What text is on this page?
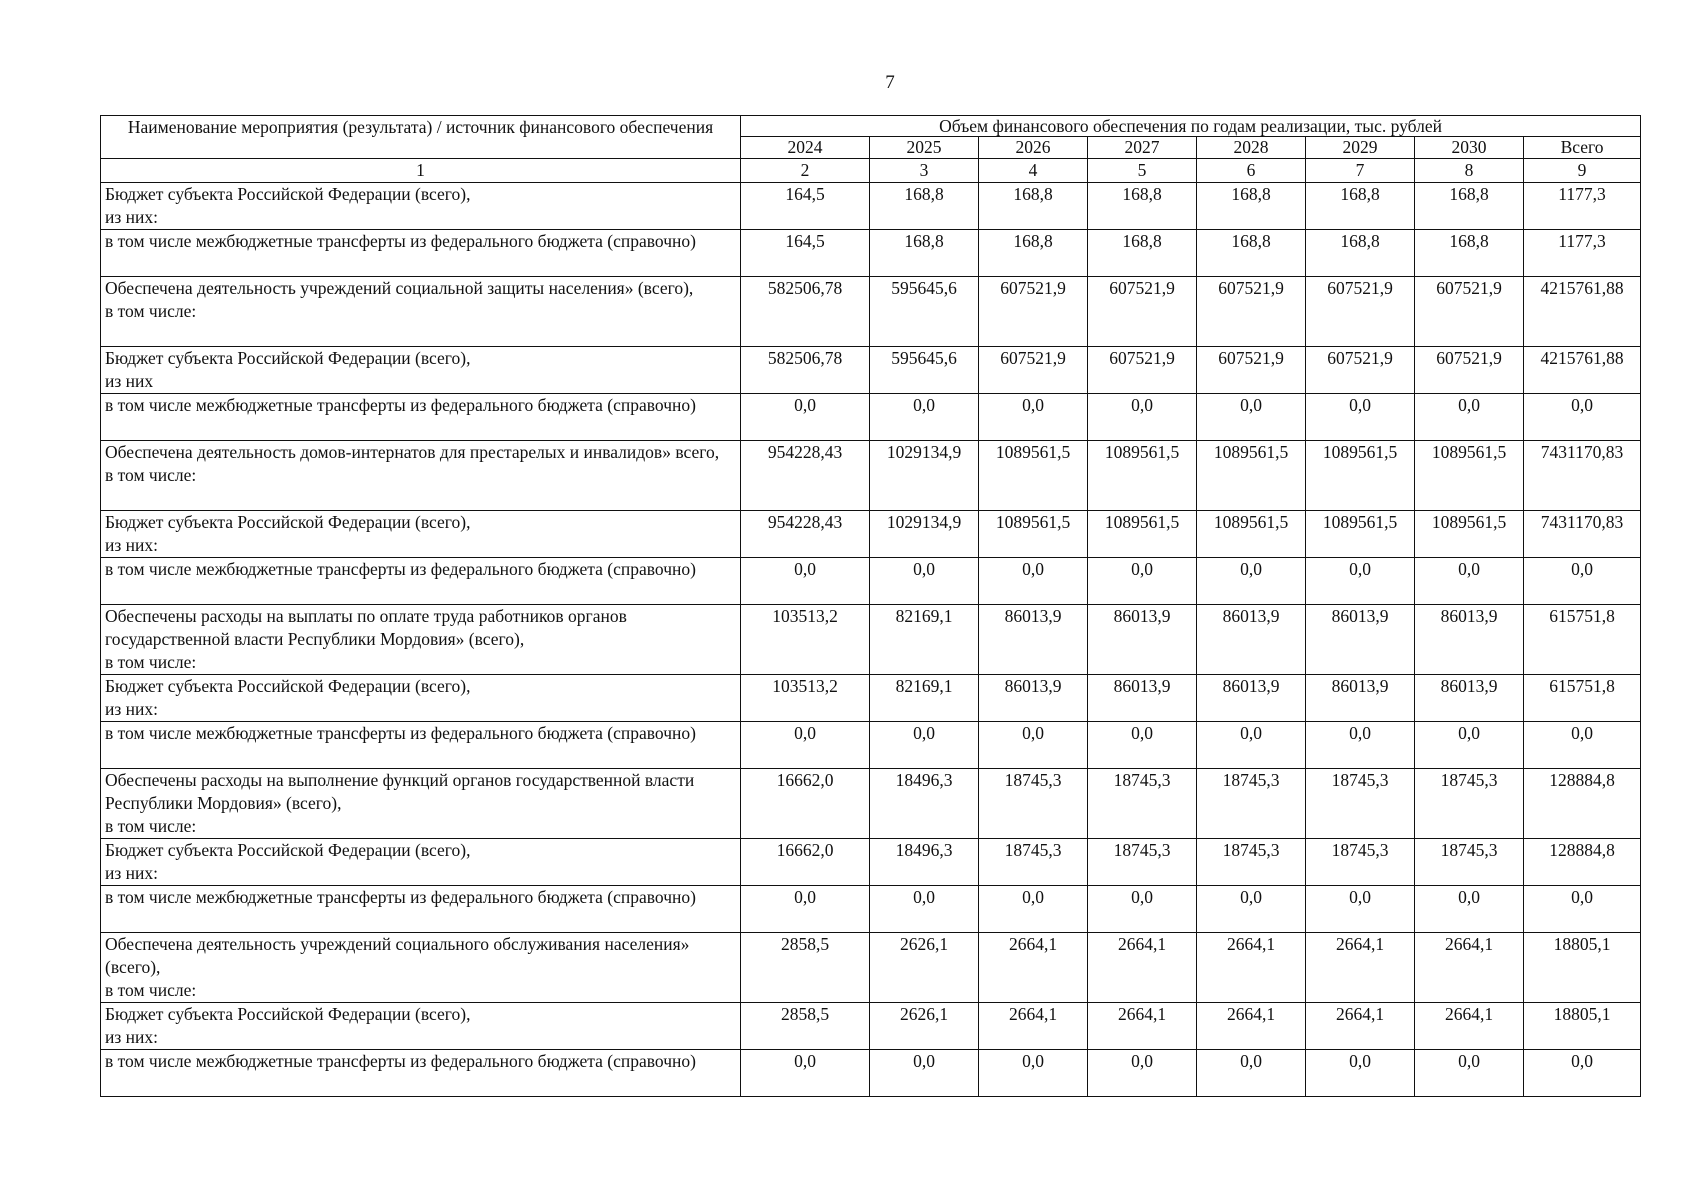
7
Наименование мероприятия (результата) / источник финансового обеспечения	Объем финансового обеспечения по годам реализации, тыс. рублей							
	2024	2025	2026	2027	2028	2029	2030	Всего
1	2	3	4	5	6	7	8	9
Бюджет субъекта Российской Федерации (всего),
из них:	164,5	168,8	168,8	168,8	168,8	168,8	168,8	1177,3
в том числе межбюджетные трансферты из федерального бюджета (справочно)	164,5	168,8	168,8	168,8	168,8	168,8	168,8	1177,3
Обеспечена деятельность учреждений социальной защиты населения» (всего),
в том числе:	582506,78	595645,6	607521,9	607521,9	607521,9	607521,9	607521,9	4215761,88
Бюджет субъекта Российской Федерации (всего),
из них	582506,78	595645,6	607521,9	607521,9	607521,9	607521,9	607521,9	4215761,88
в том числе межбюджетные трансферты из федерального бюджета (справочно)	0,0	0,0	0,0	0,0	0,0	0,0	0,0	0,0
Обеспечена деятельность домов-интернатов для престарелых и инвалидов» всего,
в том числе:	954228,43	1029134,9	1089561,5	1089561,5	1089561,5	1089561,5	1089561,5	7431170,83
Бюджет субъекта Российской Федерации (всего),
из них:	954228,43	1029134,9	1089561,5	1089561,5	1089561,5	1089561,5	1089561,5	7431170,83
в том числе межбюджетные трансферты из федерального бюджета (справочно)	0,0	0,0	0,0	0,0	0,0	0,0	0,0	0,0
Обеспечены расходы на выплаты по оплате труда работников органов государственной власти Республики Мордовия» (всего),
в том числе:	103513,2	82169,1	86013,9	86013,9	86013,9	86013,9	86013,9	615751,8
Бюджет субъекта Российской Федерации (всего),
из них:	103513,2	82169,1	86013,9	86013,9	86013,9	86013,9	86013,9	615751,8
в том числе межбюджетные трансферты из федерального бюджета (справочно)	0,0	0,0	0,0	0,0	0,0	0,0	0,0	0,0
Обеспечены расходы на выполнение функций органов государственной власти Республики Мордовия» (всего),
в том числе:	16662,0	18496,3	18745,3	18745,3	18745,3	18745,3	18745,3	128884,8
Бюджет субъекта Российской Федерации (всего),
из них:	16662,0	18496,3	18745,3	18745,3	18745,3	18745,3	18745,3	128884,8
в том числе межбюджетные трансферты из федерального бюджета (справочно)	0,0	0,0	0,0	0,0	0,0	0,0	0,0	0,0
Обеспечена деятельность учреждений социального обслуживания населения» (всего),
в том числе:	2858,5	2626,1	2664,1	2664,1	2664,1	2664,1	2664,1	18805,1
Бюджет субъекта Российской Федерации (всего),
из них:	2858,5	2626,1	2664,1	2664,1	2664,1	2664,1	2664,1	18805,1
в том числе межбюджетные трансферты из федерального бюджета (справочно)	0,0	0,0	0,0	0,0	0,0	0,0	0,0	0,0
